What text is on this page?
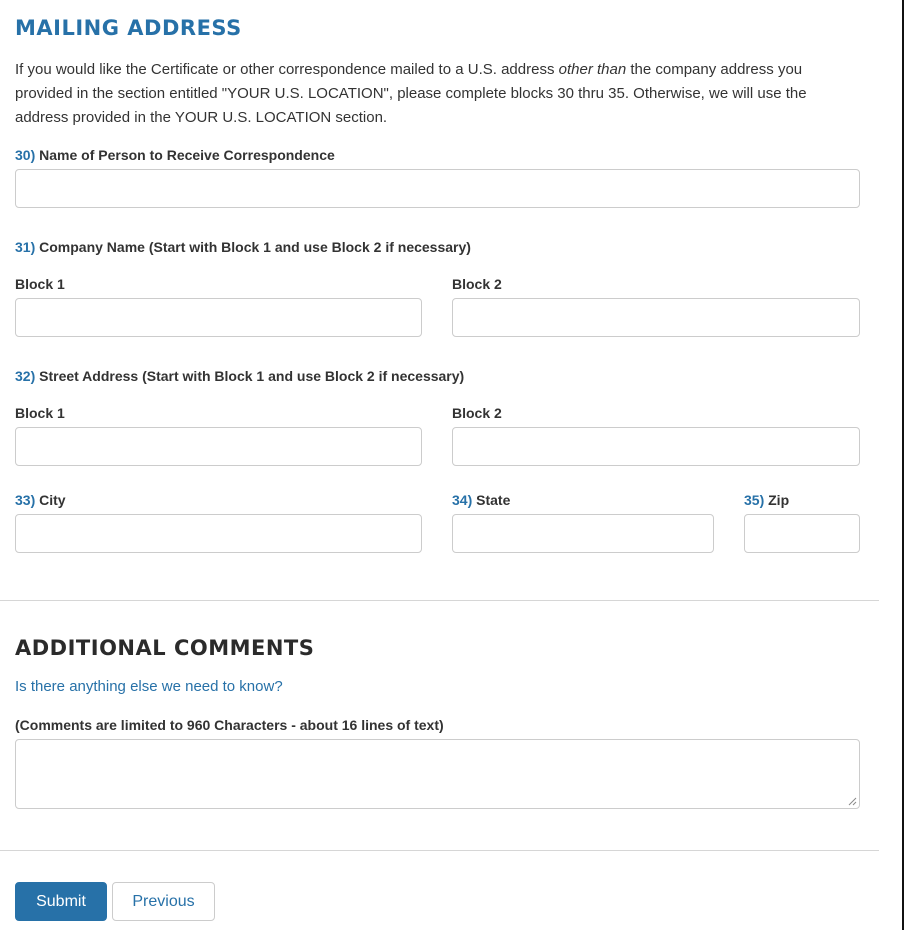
MAILING ADDRESS

If you would like the Certificate or other correspondence mailed to a U.S. address other than the company address you provided in the section entitled "YOUR U.S. LOCATION", please complete blocks 30 thru 35. Otherwise, we will use the address provided in the YOUR U.S. LOCATION section.

30) Name of Person to Receive Correspondence
31) Company Name (Start with Block 1 and use Block 2 if necessary)
Block 1	Block 2
32) Street Address (Start with Block 1 and use Block 2 if necessary)
Block 1	Block 2
33) City	34) State	35) Zip
ADDITIONAL COMMENTS
Is there anything else we need to know?
(Comments are limited to 960 Characters - about 16 lines of text)
Submit	Previous
